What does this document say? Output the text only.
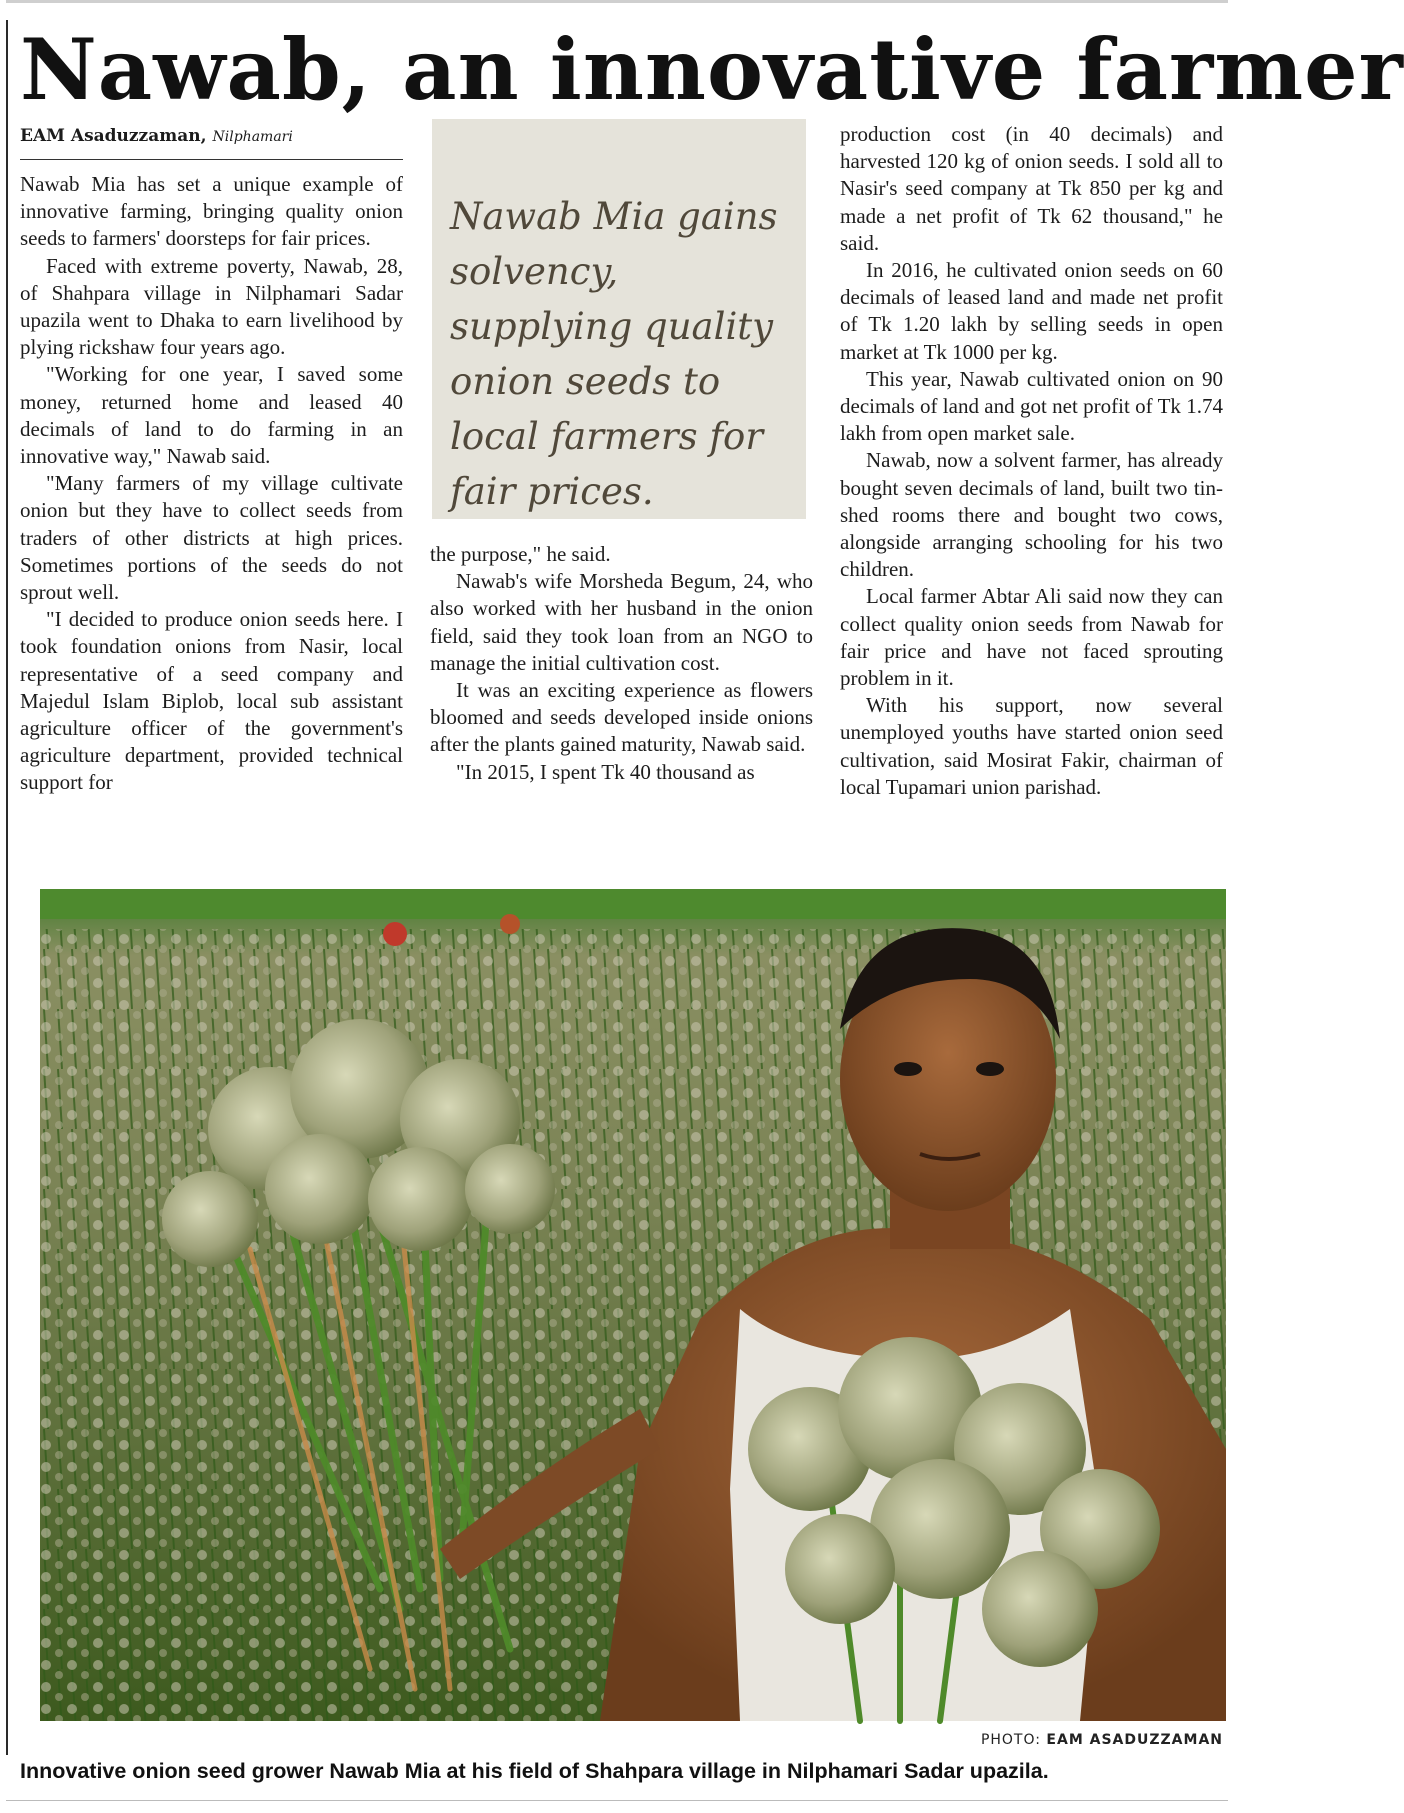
Nawab, an innovative farmer
EAM Asaduzzaman, Nilphamari

Nawab Mia has set a unique example of innovative farming, bringing quality onion seeds to farmers' doorsteps for fair prices.

Faced with extreme poverty, Nawab, 28, of Shahpara village in Nilphamari Sadar upazila went to Dhaka to earn livelihood by plying rickshaw four years ago.

"Working for one year, I saved some money, returned home and leased 40 decimals of land to do farming in an innovative way," Nawab said.

"Many farmers of my village cultivate onion but they have to collect seeds from traders of other districts at high prices. Sometimes portions of the seeds do not sprout well.

"I decided to produce onion seeds here. I took foundation onions from Nasir, local representative of a seed company and Majedul Islam Biplob, local sub assistant agriculture officer of the government's agriculture department, provided technical support for

Nawab Mia gains solvency, supplying quality onion seeds to local farmers for fair prices.

the purpose," he said.

Nawab's wife Morsheda Begum, 24, who also worked with her husband in the onion field, said they took loan from an NGO to manage the initial cultivation cost.

It was an exciting experience as flowers bloomed and seeds developed inside onions after the plants gained maturity, Nawab said.

"In 2015, I spent Tk 40 thousand as

production cost (in 40 decimals) and harvested 120 kg of onion seeds. I sold all to Nasir's seed company at Tk 850 per kg and made a net profit of Tk 62 thousand," he said.

In 2016, he cultivated onion seeds on 60 decimals of leased land and made net profit of Tk 1.20 lakh by selling seeds in open market at Tk 1000 per kg.

This year, Nawab cultivated onion on 90 decimals of land and got net profit of Tk 1.74 lakh from open market sale.

Nawab, now a solvent farmer, has already bought seven decimals of land, built two tin-shed rooms there and bought two cows, alongside arranging schooling for his two children.

Local farmer Abtar Ali said now they can collect quality onion seeds from Nawab for fair price and have not faced sprouting problem in it.

With his support, now several unemployed youths have started onion seed cultivation, said Mosirat Fakir, chairman of local Tupamari union parishad.

PHOTO: EAM ASADUZZAMAN
Innovative onion seed grower Nawab Mia at his field of Shahpara village in Nilphamari Sadar upazila.
